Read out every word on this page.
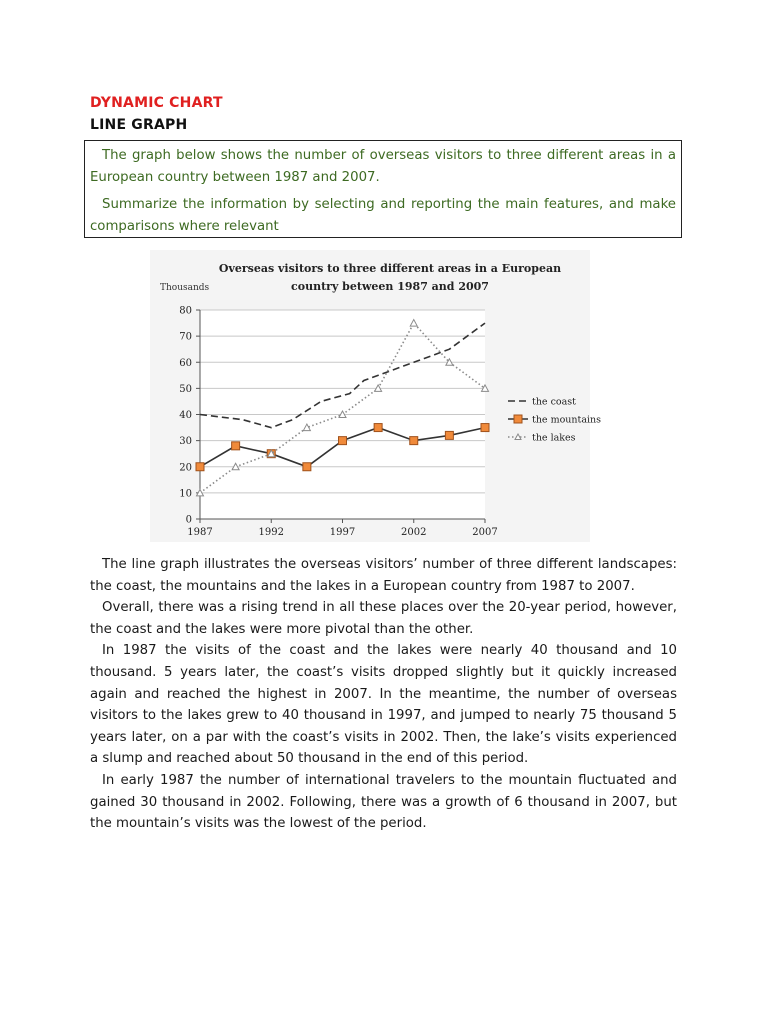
DYNAMIC CHART
LINE GRAPH

The graph below shows the number of overseas visitors to three different areas in a European country between 1987 and 2007.

Summarize the information by selecting and reporting the main features, and make comparisons where relevant

Overseas visitors to three different areas in a European
country between 1987 and 2007
Thousands
0
10
20
30
40
50
60
70
80
1987	1992	1997	2002	2007
the coast
the mountains
the lakes

The line graph illustrates the overseas visitors’ number of three different landscapes: the coast, the mountains and the lakes in a European country from 1987 to 2007.

Overall, there was a rising trend in all these places over the 20-year period, however, the coast and the lakes were more pivotal than the other.

In 1987 the visits of the coast and the lakes were nearly 40 thousand and 10 thousand. 5 years later, the coast’s visits dropped slightly but it quickly increased again and reached the highest in 2007. In the meantime, the number of overseas visitors to the lakes grew to 40 thousand in 1997, and jumped to nearly 75 thousand 5 years later, on a par with the coast’s visits in 2002. Then, the lake’s visits experienced a slump and reached about 50 thousand in the end of this period.

In early 1987 the number of international travelers to the mountain fluctuated and gained 30 thousand in 2002. Following, there was a growth of 6 thousand in 2007, but the mountain’s visits was the lowest of the period.
